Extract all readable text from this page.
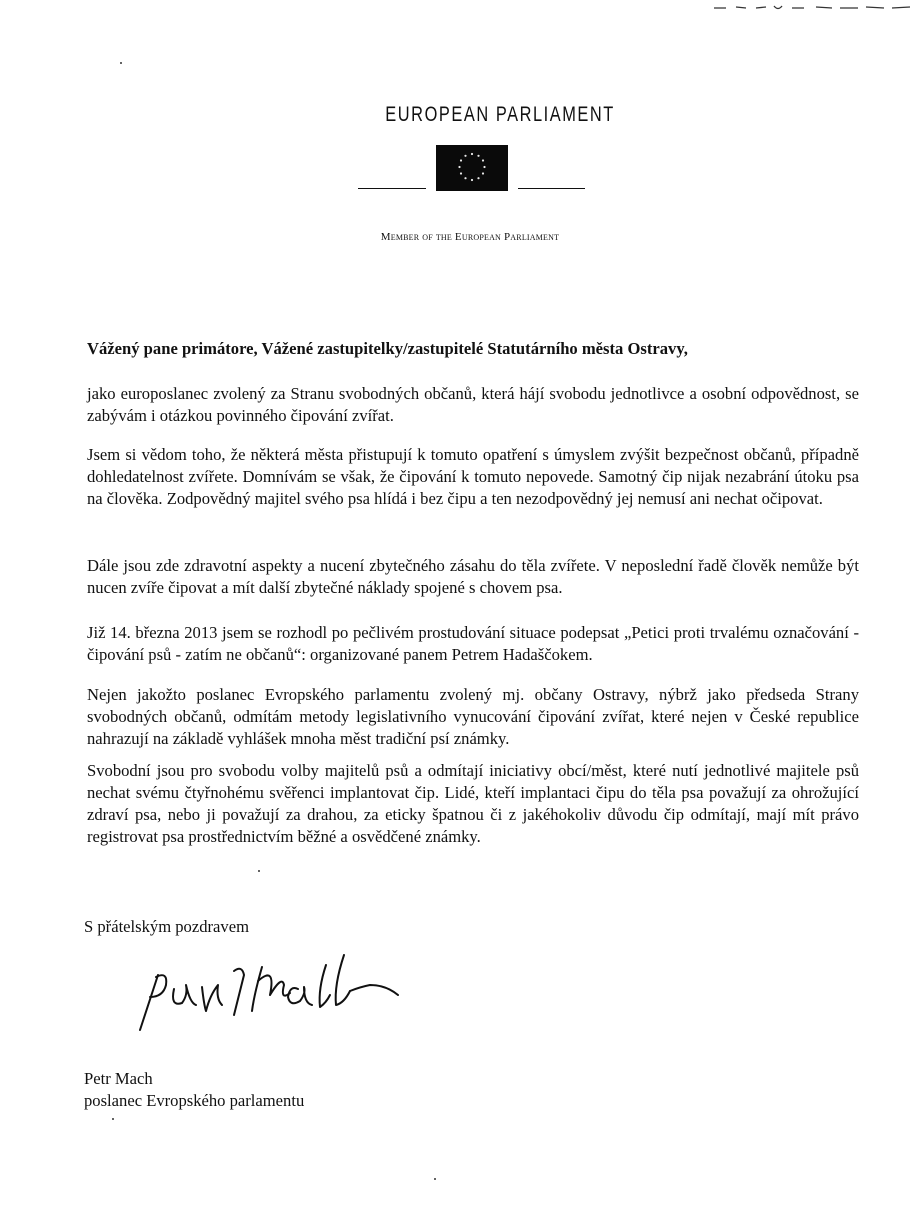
EUROPEAN PARLIAMENT
Member of the European Parliament
Vážený pane primátore, Vážené zastupitelky/zastupitelé Statutárního města Ostravy,

jako europoslanec zvolený za Stranu svobodných občanů, která hájí svobodu jednotlivce a osobní odpovědnost, se zabývám i otázkou povinného čipování zvířat.

Jsem si vědom toho, že některá města přistupují k tomuto opatření s úmyslem zvýšit bezpečnost občanů, případně dohledatelnost zvířete. Domnívám se však, že čipování k tomuto nepovede. Samotný čip nijak nezabrání útoku psa na člověka. Zodpovědný majitel svého psa hlídá i bez čipu a ten nezodpovědný jej nemusí ani nechat očipovat.

Dále jsou zde zdravotní aspekty a nucení zbytečného zásahu do těla zvířete. V neposlední řadě člověk nemůže být nucen zvíře čipovat a mít další zbytečné náklady spojené s chovem psa.

Již 14. března 2013 jsem se rozhodl po pečlivém prostudování situace podepsat „Petici proti trvalému označování - čipování psů - zatím ne občanů“: organizované panem Petrem Hadaščokem.

Nejen jakožto poslanec Evropského parlamentu zvolený mj. občany Ostravy, nýbrž jako předseda Strany svobodných občanů, odmítám metody legislativního vynucování čipování zvířat, které nejen v České republice nahrazují na základě vyhlášek mnoha měst tradiční psí známky.

Svobodní jsou pro svobodu volby majitelů psů a odmítají iniciativy obcí/měst, které nutí jednotlivé majitele psů nechat svému čtyřnohému svěřenci implantovat čip. Lidé, kteří implantaci čipu do těla psa považují za ohrožující zdraví psa, nebo ji považují za drahou, za eticky špatnou či z jakéhokoliv důvodu čip odmítají, mají mít právo registrovat psa prostřednictvím běžné a osvědčené známky.

S přátelským pozdravem
Petr Mach
poslanec Evropského parlamentu
